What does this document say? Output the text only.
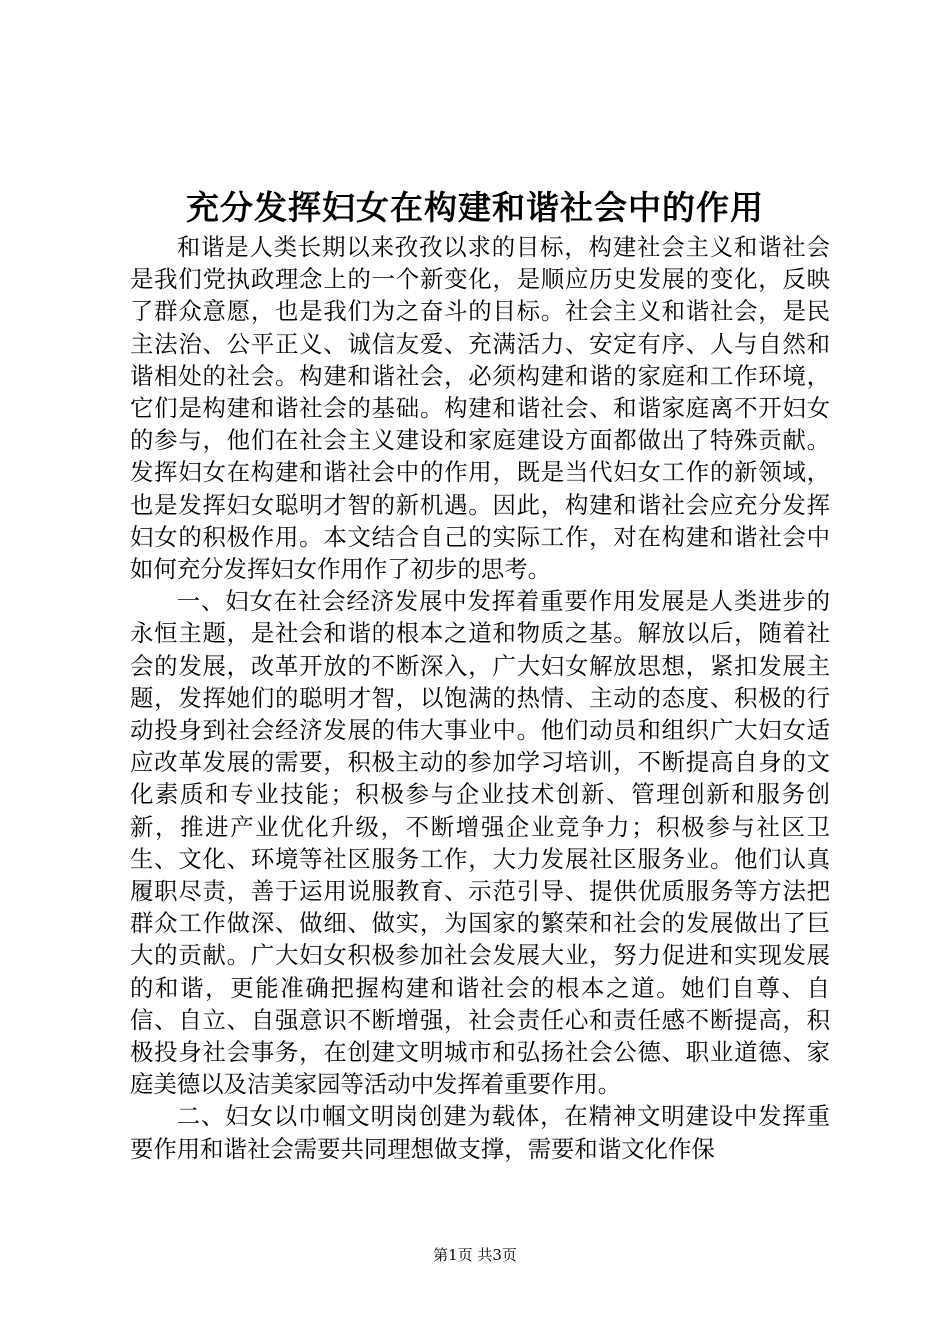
充分发挥妇女在构建和谐社会中的作用

和谐是人类长期以来孜孜以求的目标，构建社会主义和谐社会是我们党执政理念上的一个新变化，是顺应历史发展的变化，反映了群众意愿，也是我们为之奋斗的目标。社会主义和谐社会，是民主法治、公平正义、诚信友爱、充满活力、安定有序、人与自然和谐相处的社会。构建和谐社会，必须构建和谐的家庭和工作环境，它们是构建和谐社会的基础。构建和谐社会、和谐家庭离不开妇女的参与，他们在社会主义建设和家庭建设方面都做出了特殊贡献。发挥妇女在构建和谐社会中的作用，既是当代妇女工作的新领域，也是发挥妇女聪明才智的新机遇。因此，构建和谐社会应充分发挥妇女的积极作用。本文结合自己的实际工作，对在构建和谐社会中如何充分发挥妇女作用作了初步的思考。

一、妇女在社会经济发展中发挥着重要作用发展是人类进步的永恒主题，是社会和谐的根本之道和物质之基。解放以后，随着社会的发展，改革开放的不断深入，广大妇女解放思想，紧扣发展主题，发挥她们的聪明才智，以饱满的热情、主动的态度、积极的行动投身到社会经济发展的伟大事业中。他们动员和组织广大妇女适应改革发展的需要，积极主动的参加学习培训，不断提高自身的文化素质和专业技能；积极参与企业技术创新、管理创新和服务创新，推进产业优化升级，不断增强企业竞争力；积极参与社区卫生、文化、环境等社区服务工作，大力发展社区服务业。他们认真履职尽责，善于运用说服教育、示范引导、提供优质服务等方法把群众工作做深、做细、做实，为国家的繁荣和社会的发展做出了巨大的贡献。广大妇女积极参加社会发展大业，努力促进和实现发展的和谐，更能准确把握构建和谐社会的根本之道。她们自尊、自信、自立、自强意识不断增强，社会责任心和责任感不断提高，积极投身社会事务，在创建文明城市和弘扬社会公德、职业道德、家庭美德以及洁美家园等活动中发挥着重要作用。

二、妇女以巾帼文明岗创建为载体，在精神文明建设中发挥重要作用和谐社会需要共同理想做支撑，需要和谐文化作保

第1页 共3页
